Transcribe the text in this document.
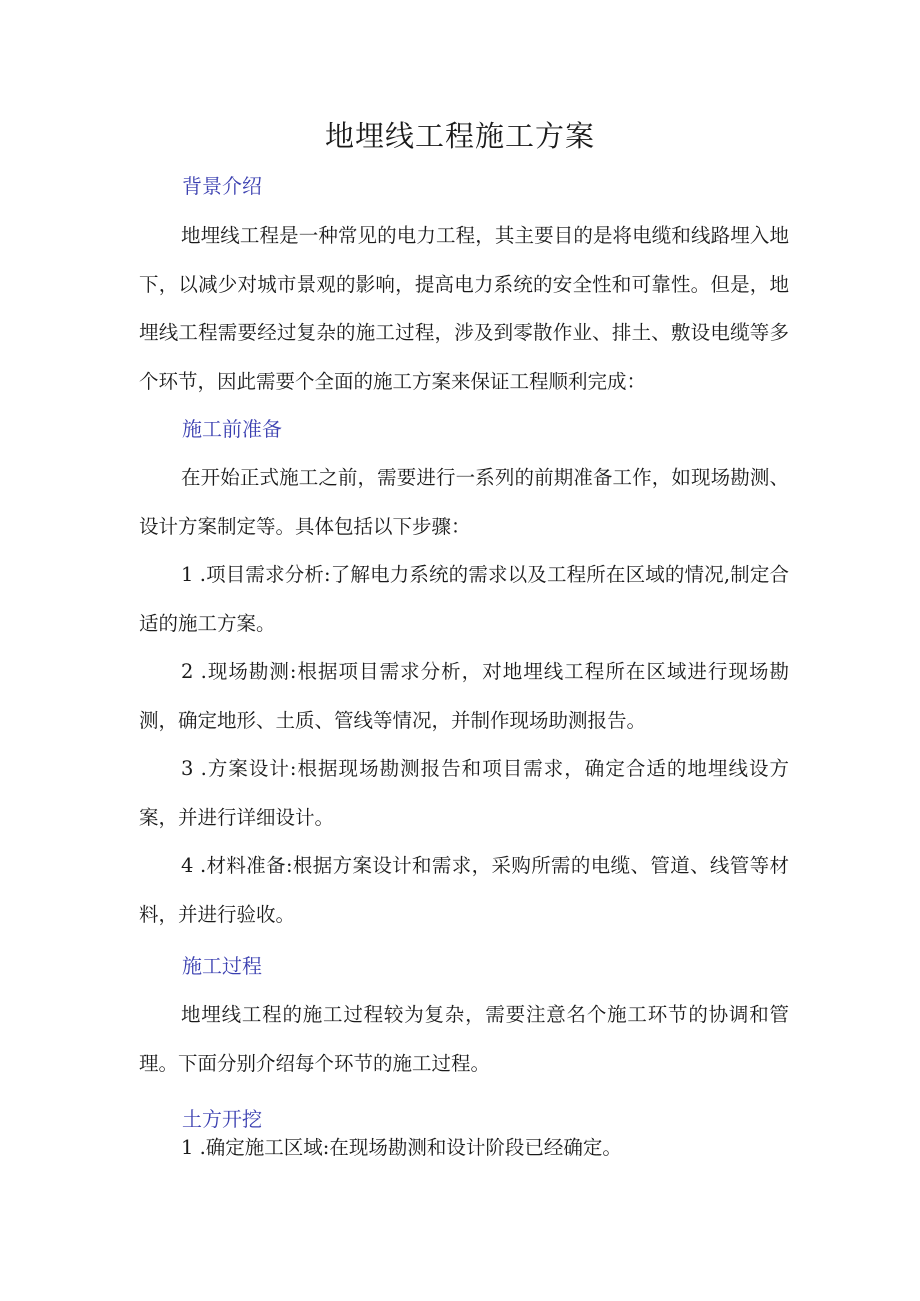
地埋线工程施工方案
背景介绍
地埋线工程是一种常见的电力工程，其主要目的是将电缆和线路埋入地下，以减少对城市景观的影响，提高电力系统的安全性和可靠性。但是，地埋线工程需要经过复杂的施工过程，涉及到零散作业、排土、敷设电缆等多个环节，因此需要个全面的施工方案来保证工程顺利完成：
施工前准备
在开始正式施工之前，需要进行一系列的前期准备工作，如现场勘测、设计方案制定等。具体包括以下步骤：
1 .项目需求分析:了解电力系统的需求以及工程所在区域的情况,制定合适的施工方案。
2 .现场勘测:根据项目需求分析，对地埋线工程所在区域进行现场勘测，确定地形、土质、管线等情况，并制作现场助测报告。
3 .方案设计:根据现场勘测报告和项目需求，确定合适的地埋线设方案，并进行详细设计。
4 .材料准备:根据方案设计和需求，采购所需的电缆、管道、线管等材料，并进行验收。
施工过程
地埋线工程的施工过程较为复杂，需要注意名个施工环节的协调和管理。下面分别介绍每个环节的施工过程。
土方开挖
1 .确定施工区域:在现场勘测和设计阶段已经确定。
